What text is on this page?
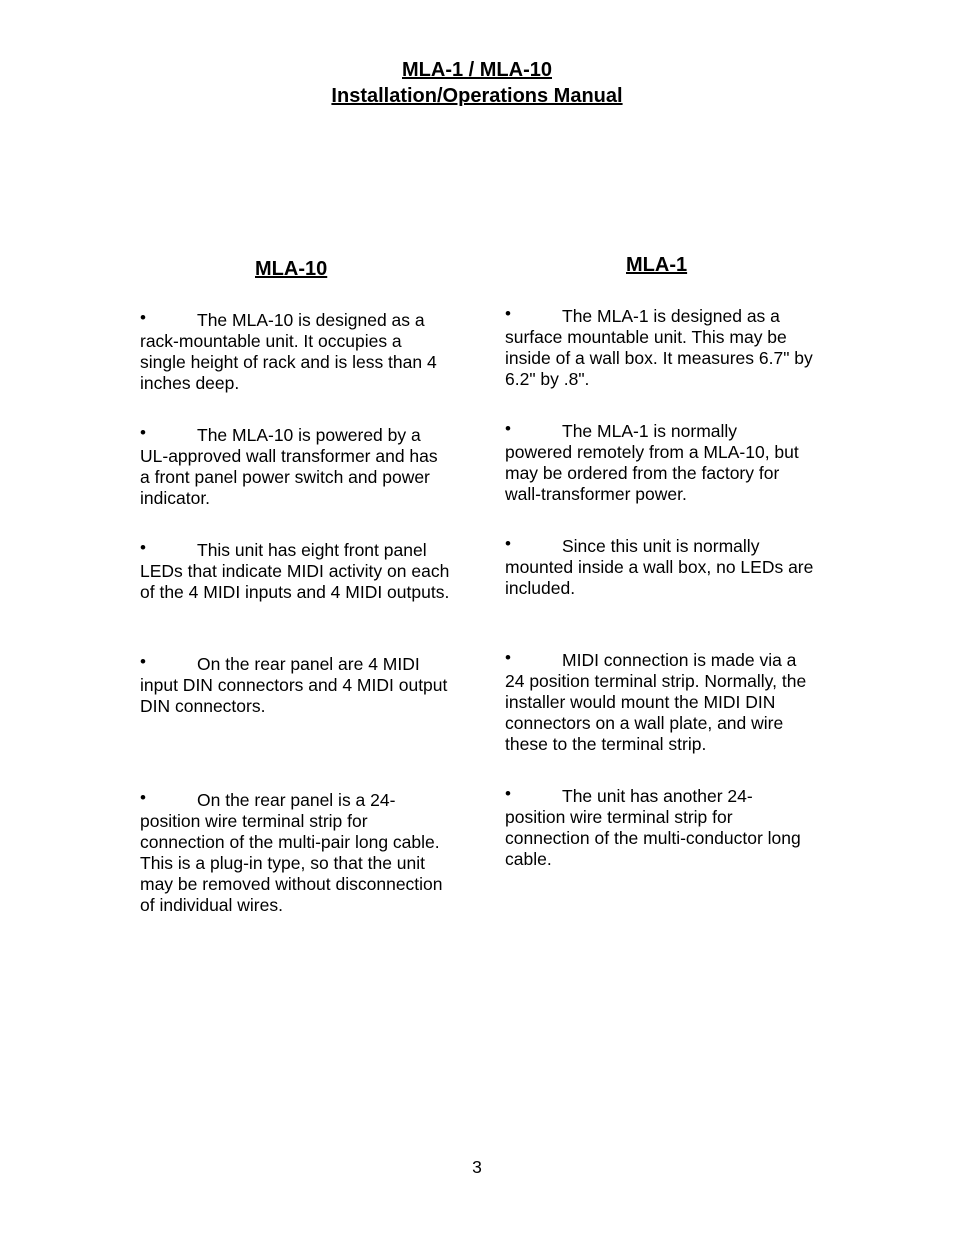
MLA-1 / MLA-10
Installation/Operations Manual
MLA-10
•	The MLA-10 is designed as a
rack-mountable unit. It occupies a single height of rack and is less than 4 inches deep.
•	The MLA-10 is powered by a
UL-approved wall transformer and has a front panel power switch and power indicator.
•	This unit has eight front panel
LEDs that indicate MIDI activity on each of the 4 MIDI inputs and 4 MIDI outputs.
•	On the rear panel are 4 MIDI
input DIN connectors and 4 MIDI output DIN connectors.
•	On the rear panel is a 24-
position wire terminal strip for connection of the multi-pair long cable. This is a plug-in type, so that the unit may be removed without disconnection of individual wires.
MLA-1
•	The MLA-1 is designed as a
surface mountable unit. This may be inside of a wall box. It measures 6.7" by 6.2" by .8".
•	The MLA-1 is normally
powered remotely from a MLA-10, but may be ordered from the factory for wall-transformer power.
•	Since this unit is normally
mounted inside a wall box, no LEDs are included.
•	MIDI connection is made via a
24 position terminal strip. Normally, the installer would mount the MIDI DIN connectors on a wall plate, and wire these to the terminal strip.
•	The unit has another 24-
position wire terminal strip for connection of the multi-conductor long cable.
3
